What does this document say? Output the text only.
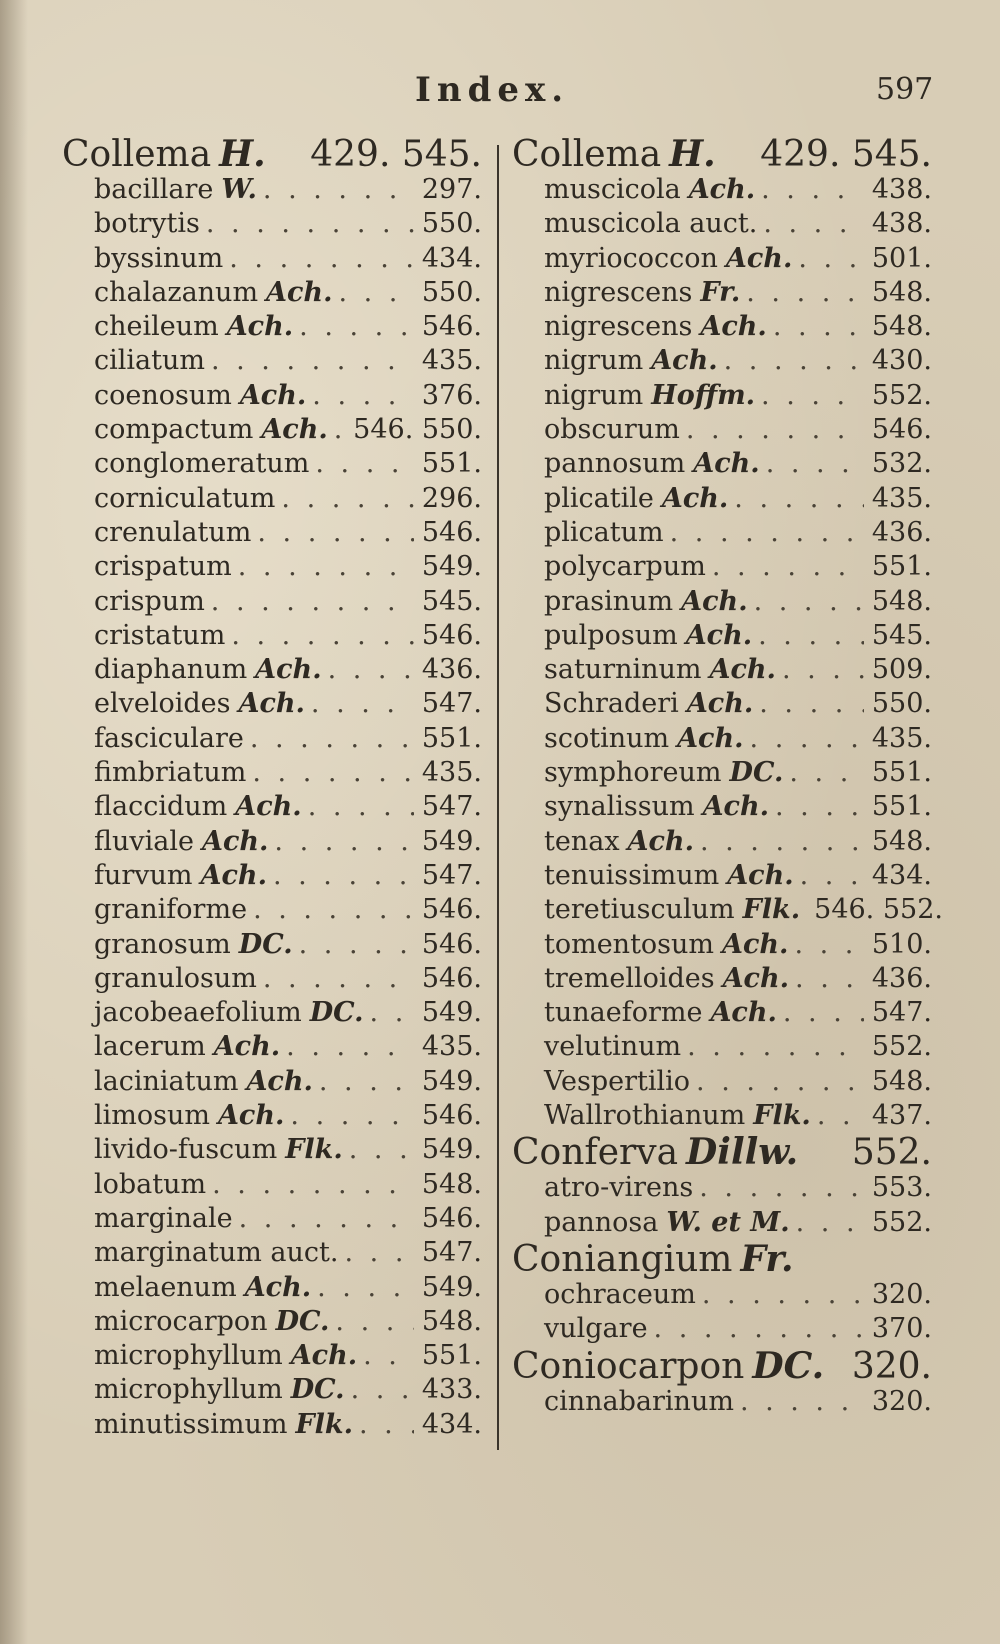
Index.	597
Collema H. 429. 545.
bacillare W. . . .	297.
botrytis . . .	550.
byssinum . . .	434.
chalazanum Ach. . . .	550.
cheileum Ach. . . .	546.
ciliatum . . .	435.
coenosum Ach. . . .	376.
compactum Ach. . . . 546. 550.
conglomeratum . . .	551.
corniculatum . . .	296.
crenulatum . . .	546.
crispatum . . .	549.
crispum . . .	545.
cristatum . . .	546.
diaphanum Ach. . . .	436.
elveloides Ach. . . .	547.
fasciculare . . .	551.
fimbriatum . . .	435.
flaccidum Ach. . . .	547.
fluviale Ach. . . .	549.
furvum Ach. . . .	547.
graniforme . . .	546.
granosum DC. . . .	546.
granulosum . . .	546.
jacobeaefolium DC. . . . 549.
lacerum Ach. . . .	435.
laciniatum Ach. . . .	549.
limosum Ach. . . .	546.
livido-fuscum Flk. . . .	549.
lobatum . . .	548.
marginale . . .	546.
marginatum auct. . . .	547.
melaenum Ach. . . .	549.
microcarpon DC. . . .	548.
microphyllum Ach. . . . 551.
microphyllum DC. . . .	433.
minutissimum Flk. . . .	434.
Collema H. 429. 545.
muscicola Ach. . . .	438.
muscicola auct. . . .	438.
myriococcon Ach. . . .	501.
nigrescens Fr. . . .	548.
nigrescens Ach. . . .	548.
nigrum Ach. . . .	430.
nigrum Hoffm. . . .	552.
obscurum . . .	546.
pannosum Ach. . . .	532.
plicatile Ach. . . .	435.
plicatum . . .	436.
polycarpum . . .	551.
prasinum Ach. . . .	548.
pulposum Ach. . . .	545.
saturninum Ach. . . .	509.
Schraderi Ach. . . .	550.
scotinum Ach. . . .	435.
symphoreum DC. . . .	551.
synalissum Ach. . . .	551.
tenax Ach. . . .	548.
tenuissimum Ach. . . .	434.
teretiusculum Flk. 546. 552.
tomentosum Ach. . . .	510.
tremelloides Ach. . . .	436.
tunaeforme Ach. . . .	547.
velutinum . . .	552.
Vespertilio . . .	548.
Wallrothianum Flk. . . . 437.
Conferva Dillw. 552.
atro-virens . . .	553.
pannosa W. et M. . . .	552.
Coniangium Fr.
ochraceum . . .	320.
vulgare . . .	370.
Coniocarpon DC. 320.
cinnabarinum . . .	320.
